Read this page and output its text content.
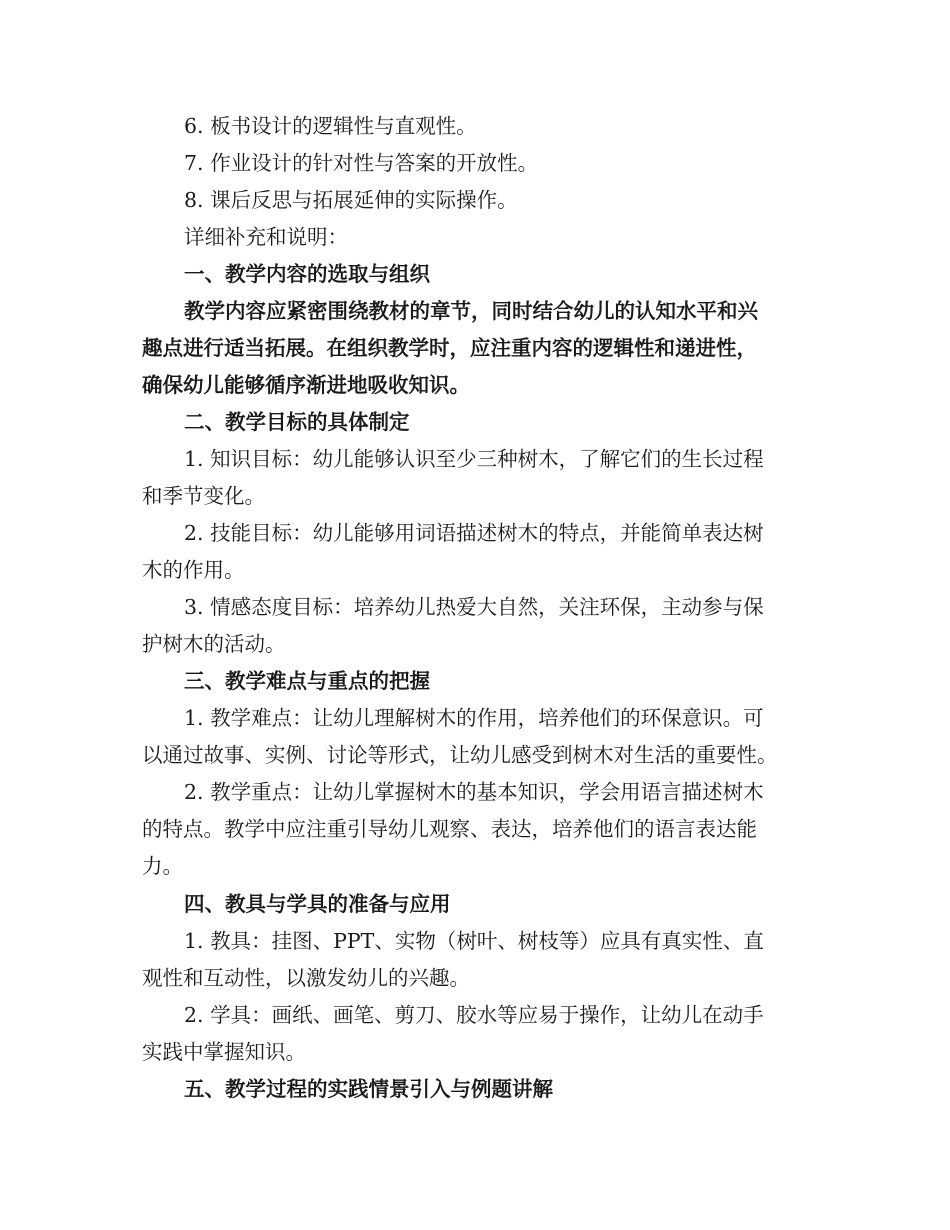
6. 板书设计的逻辑性与直观性。
7. 作业设计的针对性与答案的开放性。
8. 课后反思与拓展延伸的实际操作。
详细补充和说明：
一、教学内容的选取与组织
教学内容应紧密围绕教材的章节，同时结合幼儿的认知水平和兴
趣点进行适当拓展。在组织教学时，应注重内容的逻辑性和递进性，
确保幼儿能够循序渐进地吸收知识。
二、教学目标的具体制定
1. 知识目标：幼儿能够认识至少三种树木，了解它们的生长过程
和季节变化。
2. 技能目标：幼儿能够用词语描述树木的特点，并能简单表达树
木的作用。
3. 情感态度目标：培养幼儿热爱大自然，关注环保，主动参与保
护树木的活动。
三、教学难点与重点的把握
1. 教学难点：让幼儿理解树木的作用，培养他们的环保意识。可
以通过故事、实例、讨论等形式，让幼儿感受到树木对生活的重要性。
2. 教学重点：让幼儿掌握树木的基本知识，学会用语言描述树木
的特点。教学中应注重引导幼儿观察、表达，培养他们的语言表达能
力。
四、教具与学具的准备与应用
1. 教具：挂图、PPT、实物（树叶、树枝等）应具有真实性、直
观性和互动性，以激发幼儿的兴趣。
2. 学具：画纸、画笔、剪刀、胶水等应易于操作，让幼儿在动手
实践中掌握知识。
五、教学过程的实践情景引入与例题讲解
